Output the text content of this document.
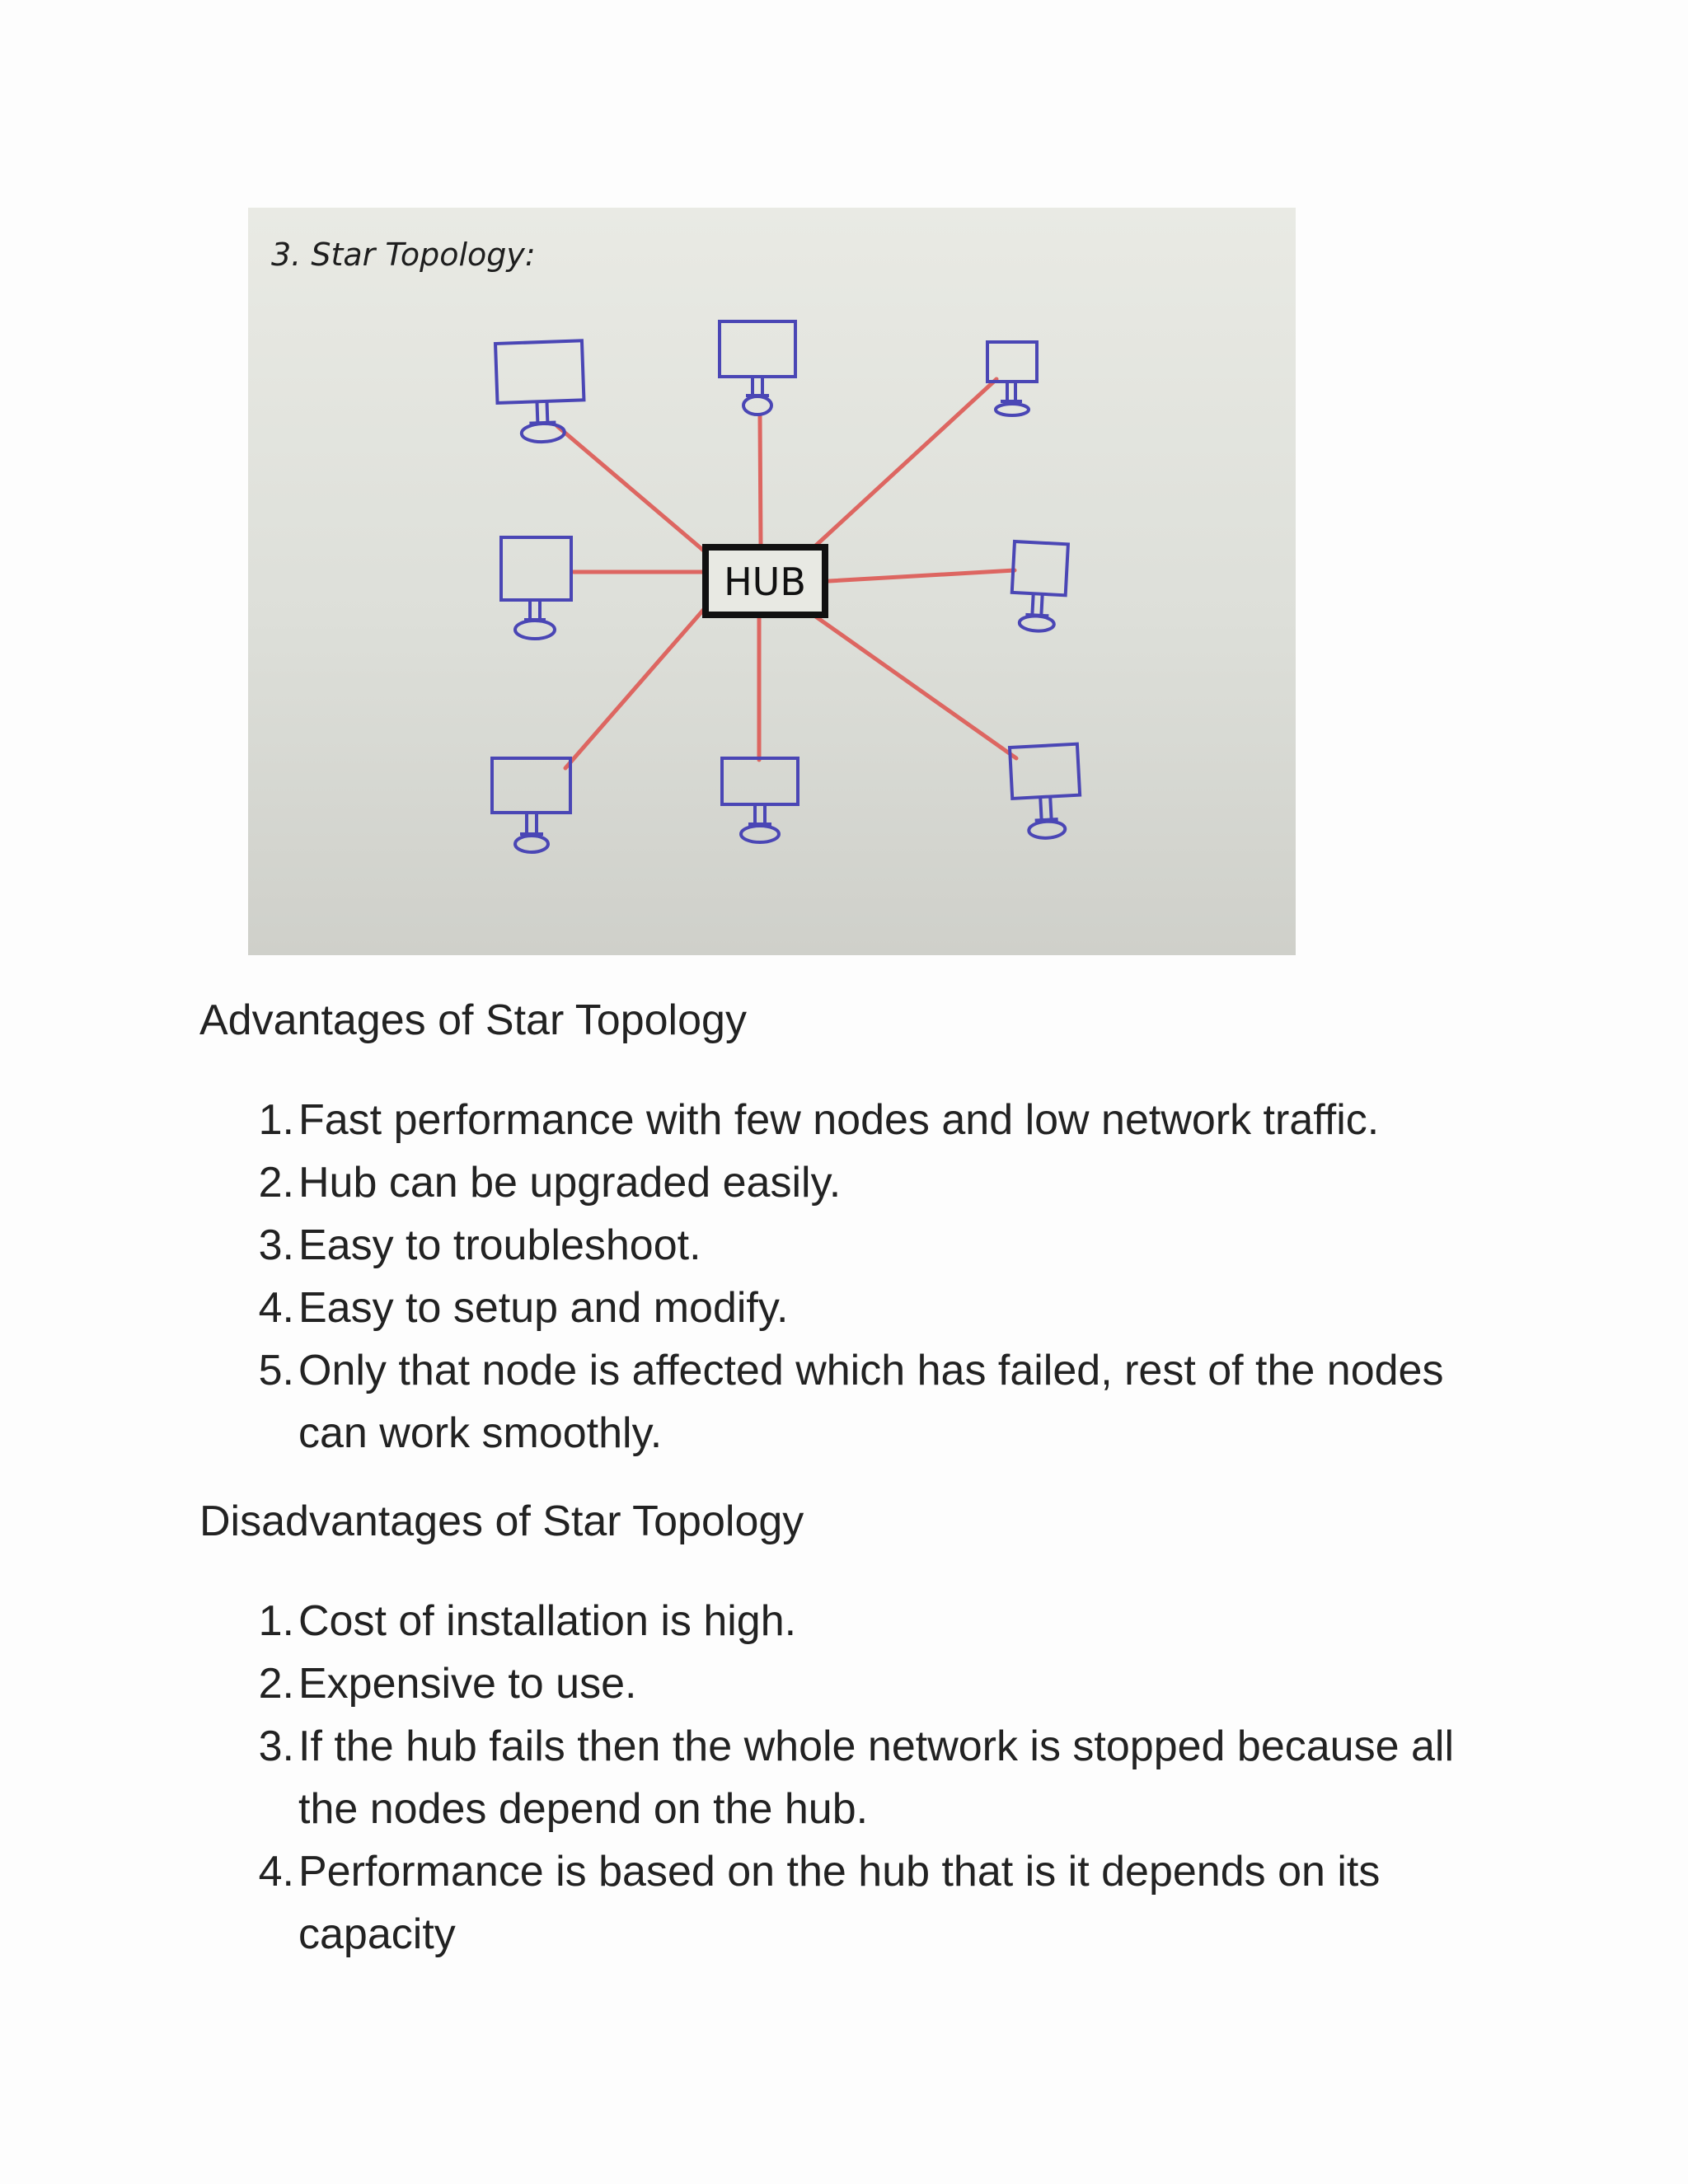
3. Star Topology:
HUB
Advantages of Star Topology
1. Fast performance with few nodes and low network traffic.
2. Hub can be upgraded easily.
3. Easy to troubleshoot.
4. Easy to setup and modify.
5. Only that node is affected which has failed, rest of the nodes can work smoothly.
Disadvantages of Star Topology
1. Cost of installation is high.
2. Expensive to use.
3. If the hub fails then the whole network is stopped because all the nodes depend on the hub.
4. Performance is based on the hub that is it depends on its capacity
